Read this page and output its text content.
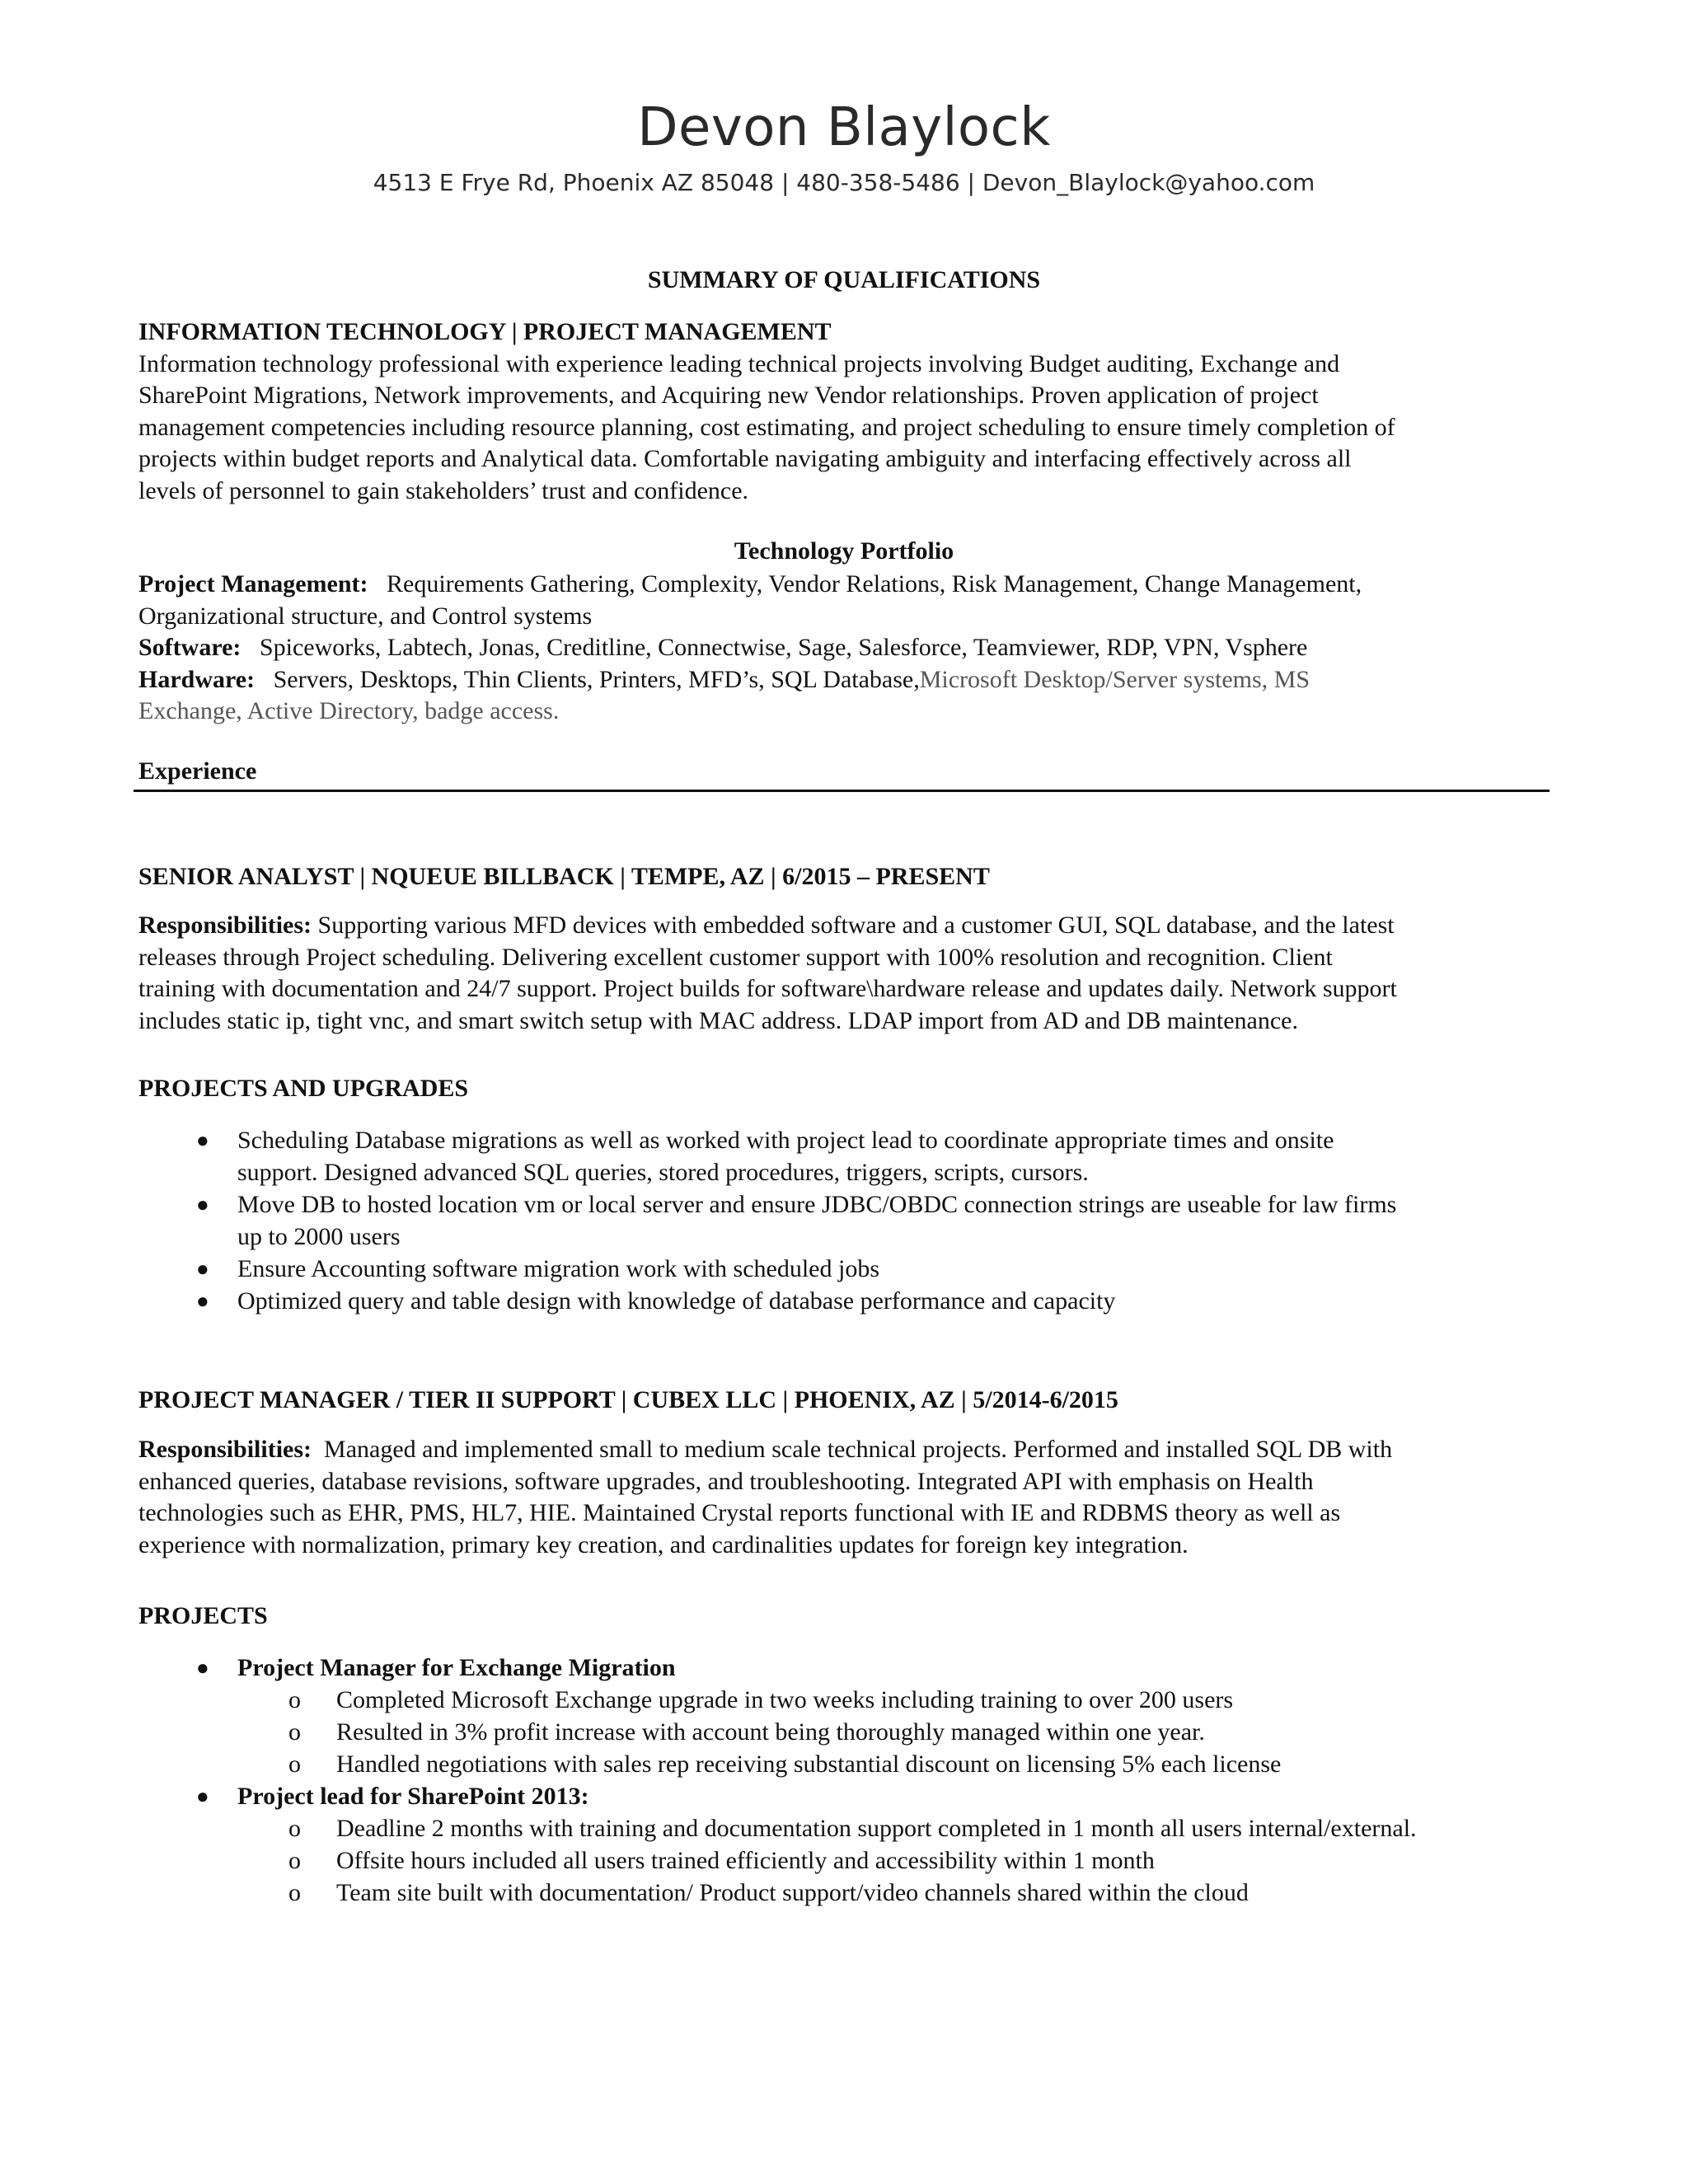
Devon Blaylock
4513 E Frye Rd, Phoenix AZ 85048 | 480-358-5486 | Devon_Blaylock@yahoo.com
SUMMARY OF QUALIFICATIONS
INFORMATION TECHNOLOGY | PROJECT MANAGEMENT
Information technology professional with experience leading technical projects involving Budget auditing, Exchange and
SharePoint Migrations, Network improvements, and Acquiring new Vendor relationships. Proven application of project
management competencies including resource planning, cost estimating, and project scheduling to ensure timely completion of
projects within budget reports and Analytical data. Comfortable navigating ambiguity and interfacing effectively across all
levels of personnel to gain stakeholders’ trust and confidence.
Technology Portfolio
Project Management: Requirements Gathering, Complexity, Vendor Relations, Risk Management, Change Management,
Organizational structure, and Control systems
Software: Spiceworks, Labtech, Jonas, Creditline, Connectwise, Sage, Salesforce, Teamviewer, RDP, VPN, Vsphere
Hardware: Servers, Desktops, Thin Clients, Printers, MFD’s, SQL Database,Microsoft Desktop/Server systems, MS
Exchange, Active Directory, badge access.
Experience
SENIOR ANALYST | NQUEUE BILLBACK | TEMPE, AZ | 6/2015 – PRESENT
Responsibilities: Supporting various MFD devices with embedded software and a customer GUI, SQL database, and the latest
releases through Project scheduling. Delivering excellent customer support with 100% resolution and recognition. Client
training with documentation and 24/7 support. Project builds for software\hardware release and updates daily. Network support
includes static ip, tight vnc, and smart switch setup with MAC address. LDAP import from AD and DB maintenance.
PROJECTS AND UPGRADES
● Scheduling Database migrations as well as worked with project lead to coordinate appropriate times and onsite
support. Designed advanced SQL queries, stored procedures, triggers, scripts, cursors.
● Move DB to hosted location vm or local server and ensure JDBC/OBDC connection strings are useable for law firms
up to 2000 users
● Ensure Accounting software migration work with scheduled jobs
● Optimized query and table design with knowledge of database performance and capacity
PROJECT MANAGER / TIER II SUPPORT | CUBEX LLC | PHOENIX, AZ | 5/2014-6/2015
Responsibilities: Managed and implemented small to medium scale technical projects. Performed and installed SQL DB with
enhanced queries, database revisions, software upgrades, and troubleshooting. Integrated API with emphasis on Health
technologies such as EHR, PMS, HL7, HIE. Maintained Crystal reports functional with IE and RDBMS theory as well as
experience with normalization, primary key creation, and cardinalities updates for foreign key integration.
PROJECTS
● Project Manager for Exchange Migration
o Completed Microsoft Exchange upgrade in two weeks including training to over 200 users
o Resulted in 3% profit increase with account being thoroughly managed within one year.
o Handled negotiations with sales rep receiving substantial discount on licensing 5% each license
● Project lead for SharePoint 2013:
o Deadline 2 months with training and documentation support completed in 1 month all users internal/external.
o Offsite hours included all users trained efficiently and accessibility within 1 month
o Team site built with documentation/ Product support/video channels shared within the cloud
